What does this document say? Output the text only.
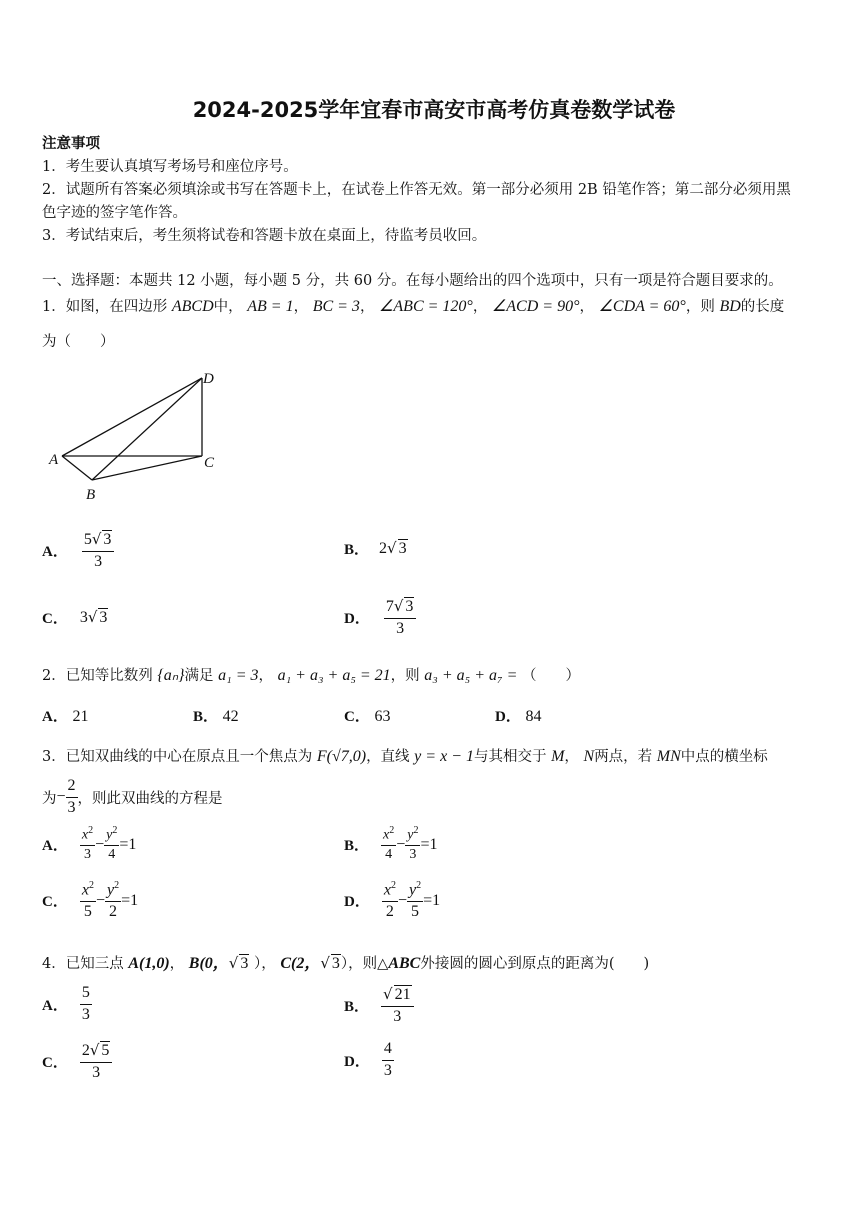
2024-2025学年宜春市高安市高考仿真卷数学试卷
注意事项
1．考生要认真填写考场号和座位序号。
2．试题所有答案必须填涂或书写在答题卡上，在试卷上作答无效。第一部分必须用 2B 铅笔作答；第二部分必须用黑
色字迹的签字笔作答。
3．考试结束后，考生须将试卷和答题卡放在桌面上，待监考员收回。
一、选择题：本题共 12 小题，每小题 5 分，共 60 分。在每小题给出的四个选项中，只有一项是符合题目要求的。
1．如图，在四边形 ABCD中， AB = 1， BC = 3， ∠ABC = 120°， ∠ACD = 90°， ∠CDA = 60°，则 BD的长度
为（　　）
A
B
C
D
A． $\frac{5√ 3}{3}$	B． 2√ 3
C． 3√ 3	D． $\frac{7√ 3}{3}$
2．已知等比数列 {aₙ}满足 a₁ = 3， a₁ + a₃ + a₅ = 21，则 a₃ + a₅ + a₇ = （　　）
A． 21	B． 42	C． 63	D． 84
3．已知双曲线的中心在原点且一个焦点为 F(√7,0)，直线 y = x − 1与其相交于 M， N两点，若 MN中点的横坐标
为 − $\frac{2}{3}$ ，则此双曲线的方程是
A． $\frac{x^2}{3} - \frac{y^2}{4} =1$	B． $\frac{x^2}{4} - \frac{y^2}{3} =1$
C． $\frac{x^2}{5} - \frac{y^2}{2} =1$	D． $\frac{x^2}{2} - \frac{y^2}{5} =1$
4．已知三点 A(1,0)， B(0，√ 3 ）， C(2，√ 3），则△ABC外接圆的圆心到原点的距离为(　　)
A． $\frac{5}{3}$	B． $\frac{√ 21}{3}$
C． $\frac{2√ 5}{3}$	D． $\frac{4}{3}$
